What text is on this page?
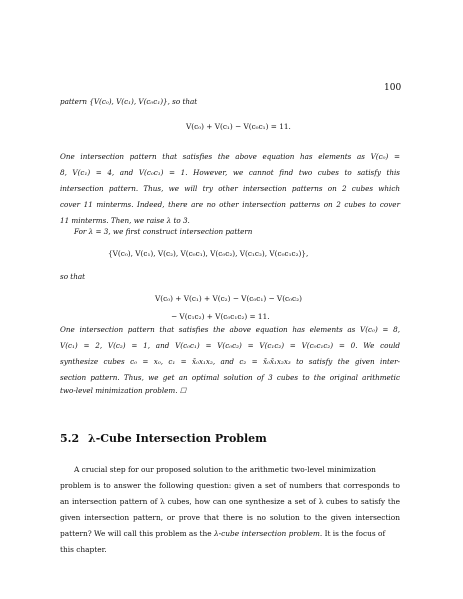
100
pattern {V(c₀), V(c₁), V(c₀c₁)}, so that
V(c₀) + V(c₁) − V(c₀c₁) = 11.
One intersection pattern that satisfies the above equation has elements as V(c₀) =
8, V(c₁) = 4, and V(c₀c₁) = 1. However, we cannot find two cubes to satisfy this
intersection pattern. Thus, we will try other intersection patterns on 2 cubes which
cover 11 minterms. Indeed, there are no other intersection patterns on 2 cubes to cover
11 minterms. Then, we raise λ to 3.
For λ = 3, we first construct intersection pattern
{V(c₀), V(c₁), V(c₂), V(c₀c₁), V(c₀c₂), V(c₁c₂), V(c₀c₁c₂)},
so that
V(c₀) + V(c₁) + V(c₂) − V(c₀c₁) − V(c₀c₂)
− V(c₁c₂) + V(c₀c₁c₂) = 11.
One intersection pattern that satisfies the above equation has elements as V(c₀) = 8,
V(c₁) = 2, V(c₂) = 1, and V(c₀c₁) = V(c₀c₂) = V(c₁c₂) = V(c₀c₁c₂) = 0. We could
synthesize cubes c₀ = x₀, c₁ = x̄₀x₁x₂, and c₂ = x̄₀x̄₁x₂x₃ to satisfy the given inter-
section pattern. Thus, we get an optimal solution of 3 cubes to the original arithmetic
two-level minimization problem. ☐
5.2 λ-Cube Intersection Problem
A crucial step for our proposed solution to the arithmetic two-level minimization
problem is to answer the following question: given a set of numbers that corresponds to
an intersection pattern of λ cubes, how can one synthesize a set of λ cubes to satisfy the
given intersection pattern, or prove that there is no solution to the given intersection
pattern? We will call this problem as the λ-cube intersection problem. It is the focus of
this chapter.
